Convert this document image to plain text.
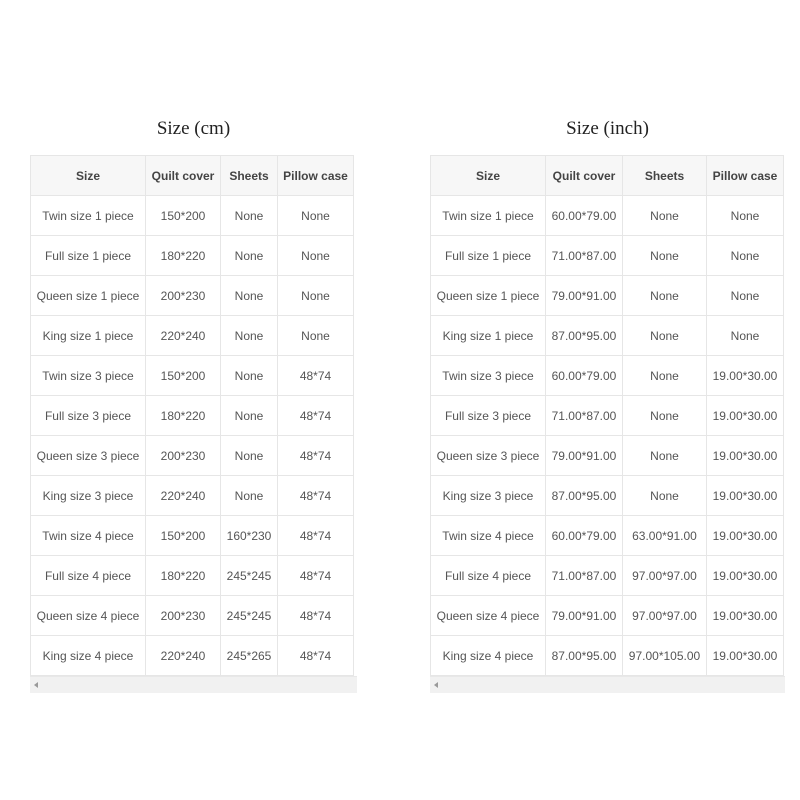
Size (cm)
Size	Quilt cover	Sheets	Pillow case
Twin size 1 piece	150*200	None	None
Full size 1 piece	180*220	None	None
Queen size 1 piece	200*230	None	None
King size 1 piece	220*240	None	None
Twin size 3 piece	150*200	None	48*74
Full size 3 piece	180*220	None	48*74
Queen size 3 piece	200*230	None	48*74
King size 3 piece	220*240	None	48*74
Twin size 4 piece	150*200	160*230	48*74
Full size 4 piece	180*220	245*245	48*74
Queen size 4 piece	200*230	245*245	48*74
King size 4 piece	220*240	245*265	48*74
Size (inch)
Size	Quilt cover	Sheets	Pillow case
Twin size 1 piece	60.00*79.00	None	None
Full size 1 piece	71.00*87.00	None	None
Queen size 1 piece	79.00*91.00	None	None
King size 1 piece	87.00*95.00	None	None
Twin size 3 piece	60.00*79.00	None	19.00*30.00
Full size 3 piece	71.00*87.00	None	19.00*30.00
Queen size 3 piece	79.00*91.00	None	19.00*30.00
King size 3 piece	87.00*95.00	None	19.00*30.00
Twin size 4 piece	60.00*79.00	63.00*91.00	19.00*30.00
Full size 4 piece	71.00*87.00	97.00*97.00	19.00*30.00
Queen size 4 piece	79.00*91.00	97.00*97.00	19.00*30.00
King size 4 piece	87.00*95.00	97.00*105.00	19.00*30.00
